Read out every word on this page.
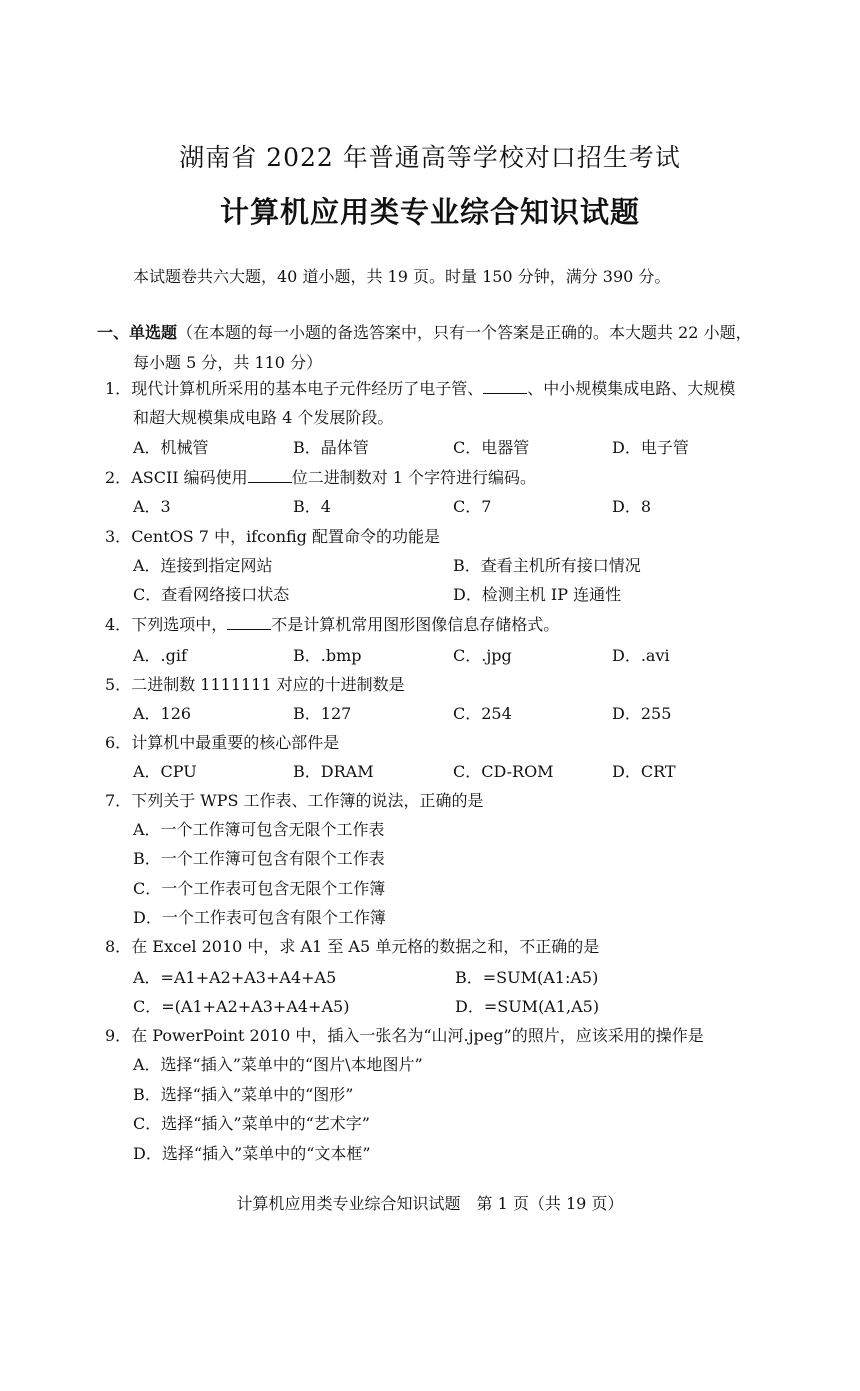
湖南省 2022 年普通高等学校对口招生考试
计算机应用类专业综合知识试题
本试题卷共六大题，40 道小题，共 19 页。时量 150 分钟，满分 390 分。
一、单选题（在本题的每一小题的备选答案中，只有一个答案是正确的。本大题共 22 小题，
每小题 5 分，共 110 分）
1．现代计算机所采用的基本电子元件经历了电子管、	、中小规模集成电路、大规模
和超大规模集成电路 4 个发展阶段。
A．机械管	B．晶体管	C．电器管	D．电子管
2．ASCII 编码使用	位二进制数对 1 个字符进行编码。
A．3	B．4	C．7	D．8
3．CentOS 7 中，ifconfig 配置命令的功能是
A．连接到指定网站	B．查看主机所有接口情况
C．查看网络接口状态	D．检测主机 IP 连通性
4．下列选项中，	不是计算机常用图形图像信息存储格式。
A．.gif	B．.bmp	C．.jpg	D．.avi
5．二进制数 1111111 对应的十进制数是
A．126	B．127	C．254	D．255
6．计算机中最重要的核心部件是
A．CPU	B．DRAM	C．CD-ROM	D．CRT
7．下列关于 WPS 工作表、工作簿的说法，正确的是
A．一个工作簿可包含无限个工作表
B．一个工作簿可包含有限个工作表
C．一个工作表可包含无限个工作簿
D．一个工作表可包含有限个工作簿
8．在 Excel 2010 中，求 A1 至 A5 单元格的数据之和，不正确的是
A．=A1+A2+A3+A4+A5	B．=SUM(A1:A5)
C．=(A1+A2+A3+A4+A5)	D．=SUM(A1,A5)
9．在 PowerPoint 2010 中，插入一张名为“山河.jpeg”的照片，应该采用的操作是
A．选择“插入”菜单中的“图片\本地图片”
B．选择“插入”菜单中的“图形”
C．选择“插入”菜单中的“艺术字”
D．选择“插入”菜单中的“文本框”
计算机应用类专业综合知识试题　第 1 页（共 19 页）
